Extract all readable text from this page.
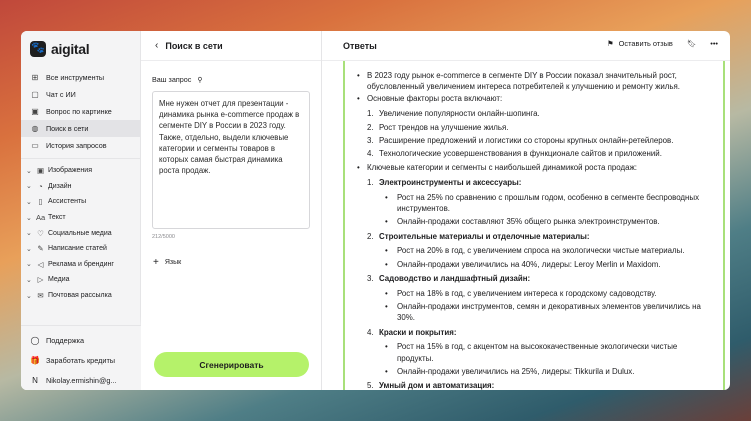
🐾 aigital
⊞ Все инструменты
▢ Чат с ИИ
▣ Вопрос по картинке
◍ Поиск в сети
▭ История запросов
⌄ ▣ Изображения
⌄ ◔ Дизайн
⌄ ▯ Ассистенты
⌄ Aa Текст
⌄ ♡ Социальные медиа
⌄ ✎ Написание статей
⌄ ◁ Реклама и брендинг
⌄ ▷ Медиа
⌄ ✉ Почтовая рассылка
◯ Поддержка
🎁 Заработать кредиты
N Nikolay.ermishin@g...
‹ Поиск в сети
Ваш запрос ⚲
Мне нужен отчет для презентации - динамика рынка e-commerce продаж в сегменте DIY в России в 2023 году. Также, отдельно, выдели ключевые категории и сегменты товаров в которых самая быстрая динамика роста продаж.
212/5000
+ Язык
Сгенерировать
Ответы	⚑ Оставить отзыв 🔖︎ •••
• В 2023 году рынок e-commerce в сегменте DIY в России показал значительный рост, обусловленный увеличением интереса потребителей к улучшению и ремонту жилья.
• Основные факторы роста включают:
1. Увеличение популярности онлайн-шопинга.
2. Рост трендов на улучшение жилья.
3. Расширение предложений и логистики со стороны крупных онлайн-ретейлеров.
4. Технологические усовершенствования в функционале сайтов и приложений.
• Ключевые категории и сегменты с наибольшей динамикой роста продаж:
1. Электроинструменты и аксессуары:
• Рост на 25% по сравнению с прошлым годом, особенно в сегменте беспроводных инструментов.
• Онлайн-продажи составляют 35% общего рынка электроинструментов.
2. Строительные материалы и отделочные материалы:
• Рост на 20% в год, с увеличением спроса на экологически чистые материалы.
• Онлайн-продажи увеличились на 40%, лидеры: Leroy Merlin и Maxidom.
3. Садоводство и ландшафтный дизайн:
• Рост на 18% в год, с увеличением интереса к городскому садоводству.
• Онлайн-продажи инструментов, семян и декоративных элементов увеличились на 30%.
4. Краски и покрытия:
• Рост на 15% в год, с акцентом на высококачественные экологически чистые продукты.
• Онлайн-продажи увеличились на 25%, лидеры: Tikkurila и Dulux.
5. Умный дом и автоматизация:
